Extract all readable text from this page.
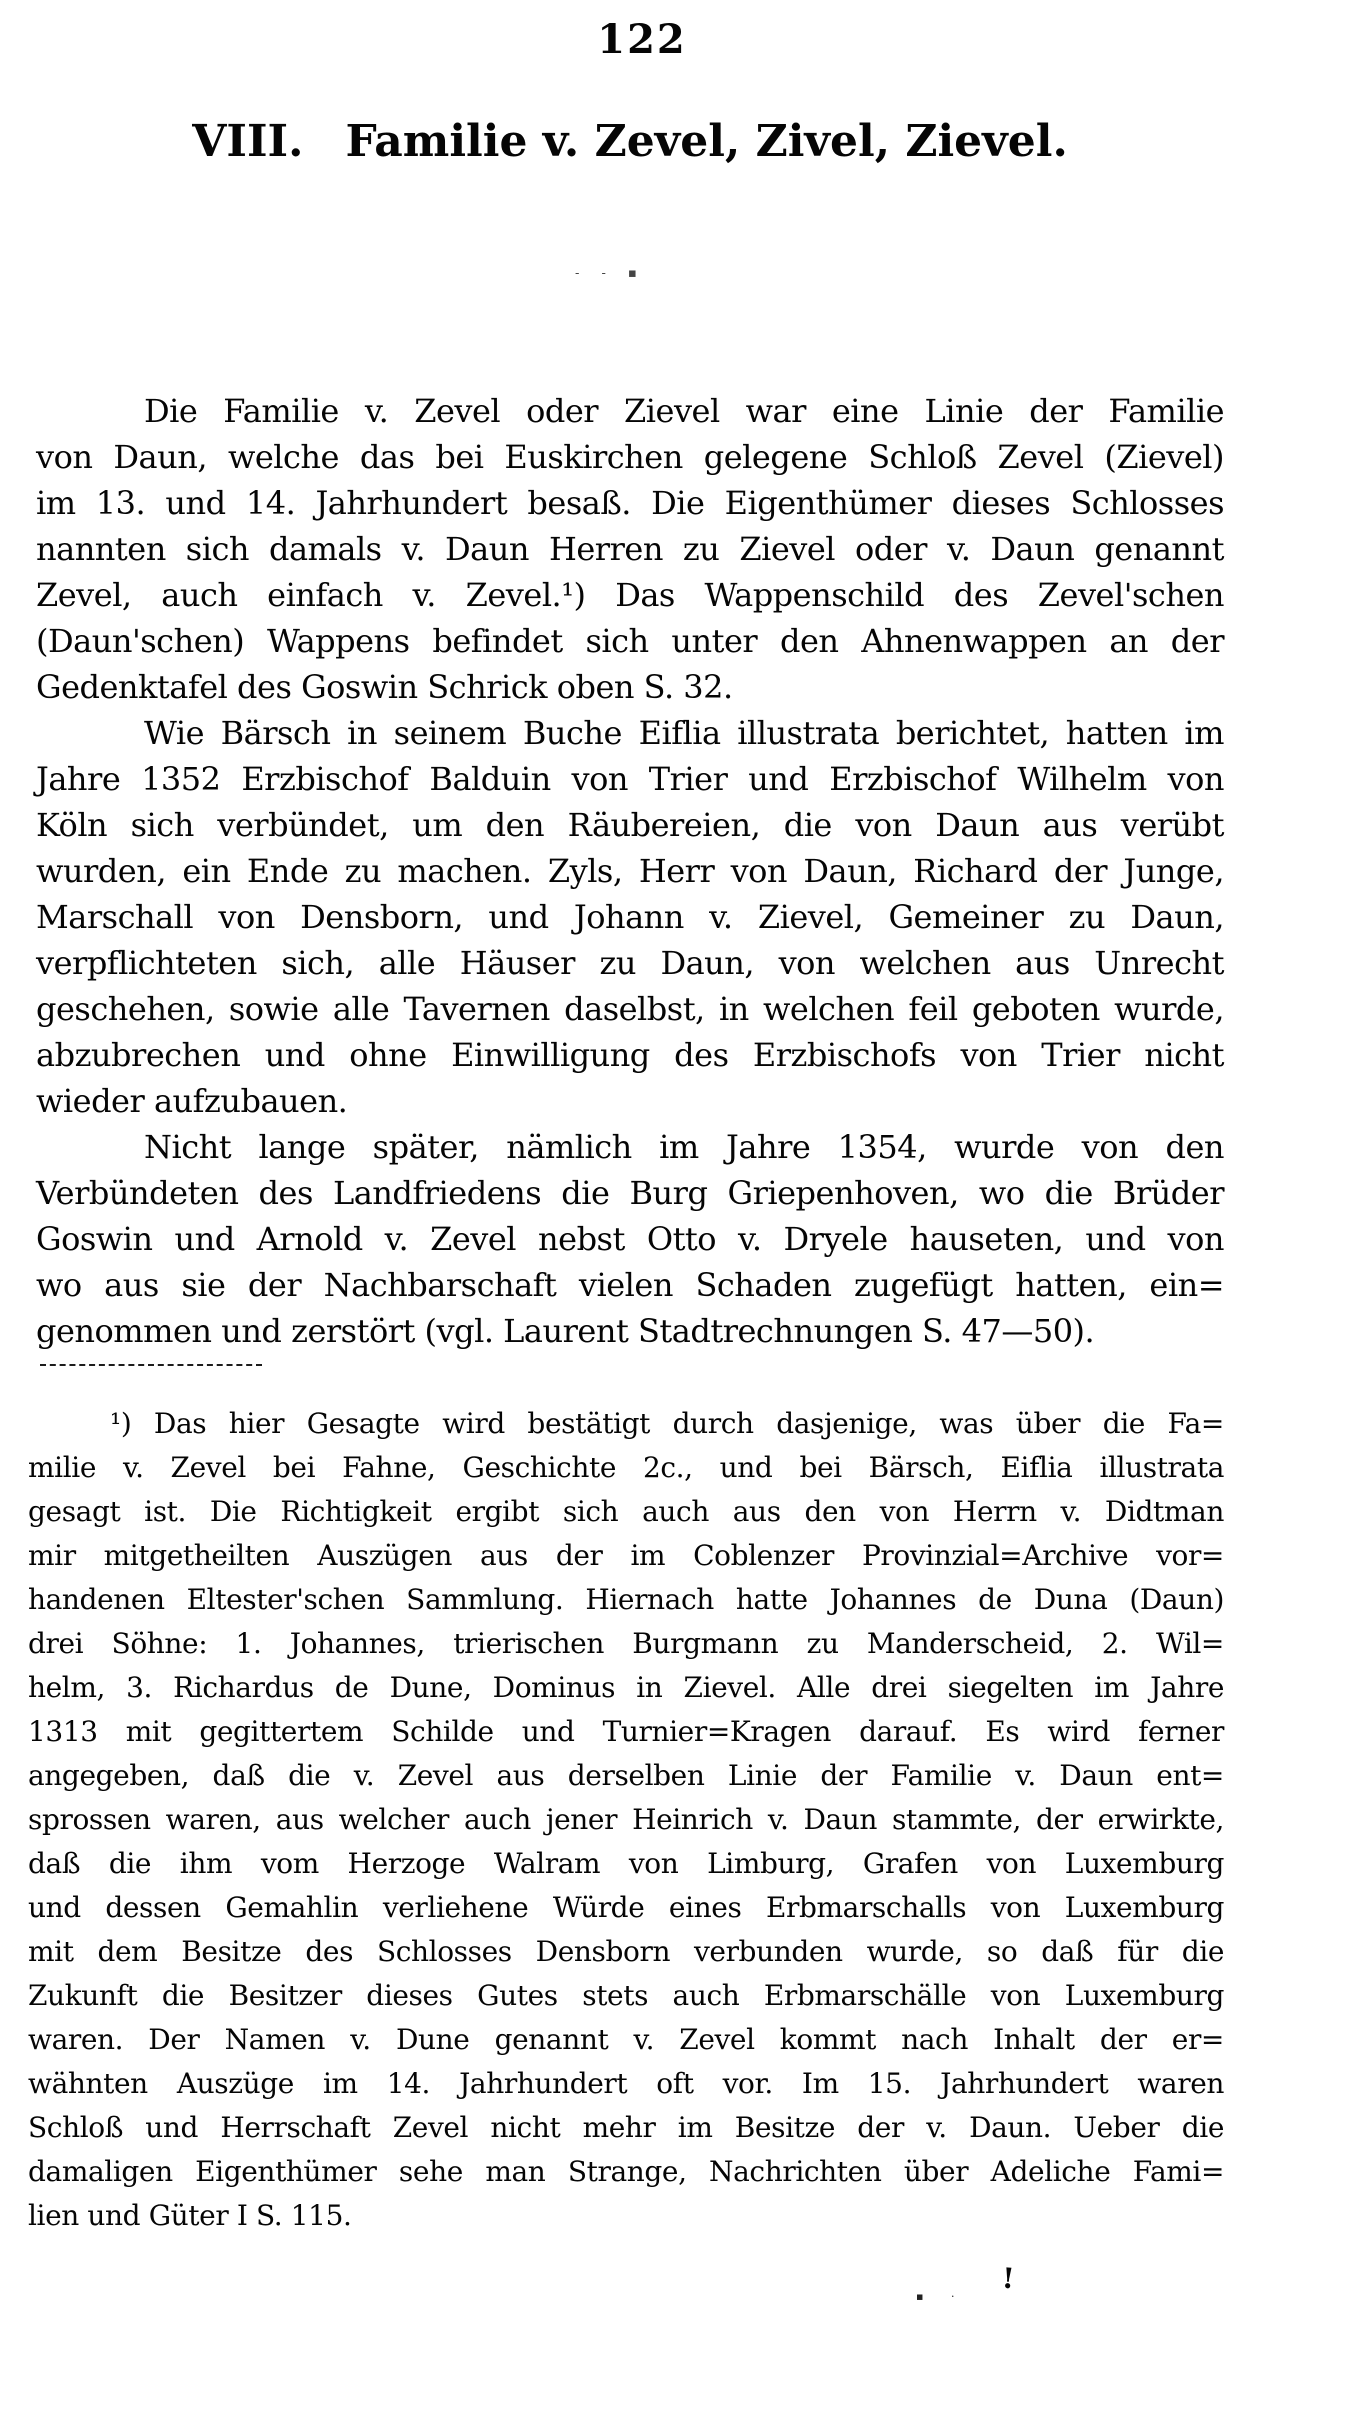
122
VIII. Familie v. Zevel, Zivel, Zievel.
‐ ‐ ▪
Die Familie v. Zevel oder Zievel war eine Linie der Familie
von Daun, welche das bei Euskirchen gelegene Schloß Zevel (Zievel)
im 13. und 14. Jahrhundert besaß. Die Eigenthümer dieses Schlosses
nannten sich damals v. Daun Herren zu Zievel oder v. Daun genannt
Zevel, auch einfach v. Zevel.¹) Das Wappenschild des Zevel'schen
(Daun'schen) Wappens befindet sich unter den Ahnenwappen an der
Gedenktafel des Goswin Schrick oben S. 32.
Wie Bärsch in seinem Buche Eiflia illustrata berichtet, hatten im
Jahre 1352 Erzbischof Balduin von Trier und Erzbischof Wilhelm von
Köln sich verbündet, um den Räubereien, die von Daun aus verübt
wurden, ein Ende zu machen. Zyls, Herr von Daun, Richard der Junge,
Marschall von Densborn, und Johann v. Zievel, Gemeiner zu Daun,
verpflichteten sich, alle Häuser zu Daun, von welchen aus Unrecht
geschehen, sowie alle Tavernen daselbst, in welchen feil geboten wurde,
abzubrechen und ohne Einwilligung des Erzbischofs von Trier nicht
wieder aufzubauen.
Nicht lange später, nämlich im Jahre 1354, wurde von den
Verbündeten des Landfriedens die Burg Griepenhoven, wo die Brüder
Goswin und Arnold v. Zevel nebst Otto v. Dryele hauseten, und von
wo aus sie der Nachbarschaft vielen Schaden zugefügt hatten, ein=
genommen und zerstört (vgl. Laurent Stadtrechnungen S. 47—50).
¹) Das hier Gesagte wird bestätigt durch dasjenige, was über die Fa=
milie v. Zevel bei Fahne, Geschichte 2c., und bei Bärsch, Eiflia illustrata
gesagt ist. Die Richtigkeit ergibt sich auch aus den von Herrn v. Didtman
mir mitgetheilten Auszügen aus der im Coblenzer Provinzial=Archive vor=
handenen Eltester'schen Sammlung. Hiernach hatte Johannes de Duna (Daun)
drei Söhne: 1. Johannes, trierischen Burgmann zu Manderscheid, 2. Wil=
helm, 3. Richardus de Dune, Dominus in Zievel. Alle drei siegelten im Jahre
1313 mit gegittertem Schilde und Turnier=Kragen darauf. Es wird ferner
angegeben, daß die v. Zevel aus derselben Linie der Familie v. Daun ent=
sprossen waren, aus welcher auch jener Heinrich v. Daun stammte, der erwirkte,
daß die ihm vom Herzoge Walram von Limburg, Grafen von Luxemburg
und dessen Gemahlin verliehene Würde eines Erbmarschalls von Luxemburg
mit dem Besitze des Schlosses Densborn verbunden wurde, so daß für die
Zukunft die Besitzer dieses Gutes stets auch Erbmarschälle von Luxemburg
waren. Der Namen v. Dune genannt v. Zevel kommt nach Inhalt der er=
wähnten Auszüge im 14. Jahrhundert oft vor. Im 15. Jahrhundert waren
Schloß und Herrschaft Zevel nicht mehr im Besitze der v. Daun. Ueber die
damaligen Eigenthümer sehe man Strange, Nachrichten über Adeliche Fami=
lien und Güter I S. 115.
!
▪ ·
